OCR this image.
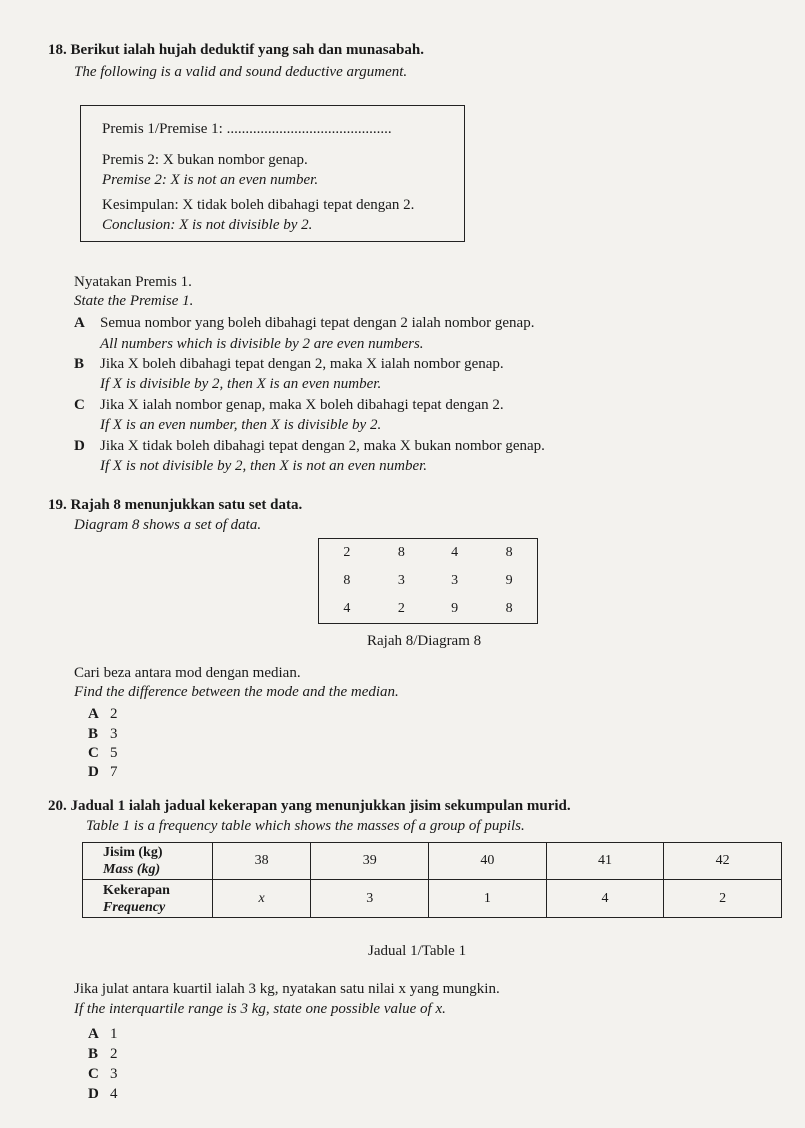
18. Berikut ialah hujah deduktif yang sah dan munasabah.
The following is a valid and sound deductive argument.
Premis 1/Premise 1: ............................................
Premis 2: X bukan nombor genap.
Premise 2: X is not an even number.
Kesimpulan: X tidak boleh dibahagi tepat dengan 2.
Conclusion: X is not divisible by 2.
Nyatakan Premis 1.
State the Premise 1.
A Semua nombor yang boleh dibahagi tepat dengan 2 ialah nombor genap.
All numbers which is divisible by 2 are even numbers.
B Jika X boleh dibahagi tepat dengan 2, maka X ialah nombor genap.
If X is divisible by 2, then X is an even number.
C Jika X ialah nombor genap, maka X boleh dibahagi tepat dengan 2.
If X is an even number, then X is divisible by 2.
D Jika X tidak boleh dibahagi tepat dengan 2, maka X bukan nombor genap.
If X is not divisible by 2, then X is not an even number.
19. Rajah 8 menunjukkan satu set data.
Diagram 8 shows a set of data.
2	8	4	8
8	3	3	9
4	2	9	8
Rajah 8/Diagram 8
Cari beza antara mod dengan median.
Find the difference between the mode and the median.
A 2
B 3
C 5
D 7
20. Jadual 1 ialah jadual kekerapan yang menunjukkan jisim sekumpulan murid.
Table 1 is a frequency table which shows the masses of a group of pupils.
Jisim (kg)
Mass (kg)	38	39	40	41	42

Kekerapan
Frequency	x	3	1	4	2
Jadual 1/Table 1
Jika julat antara kuartil ialah 3 kg, nyatakan satu nilai x yang mungkin.
If the interquartile range is 3 kg, state one possible value of x.
A 1
B 2
C 3
D 4
